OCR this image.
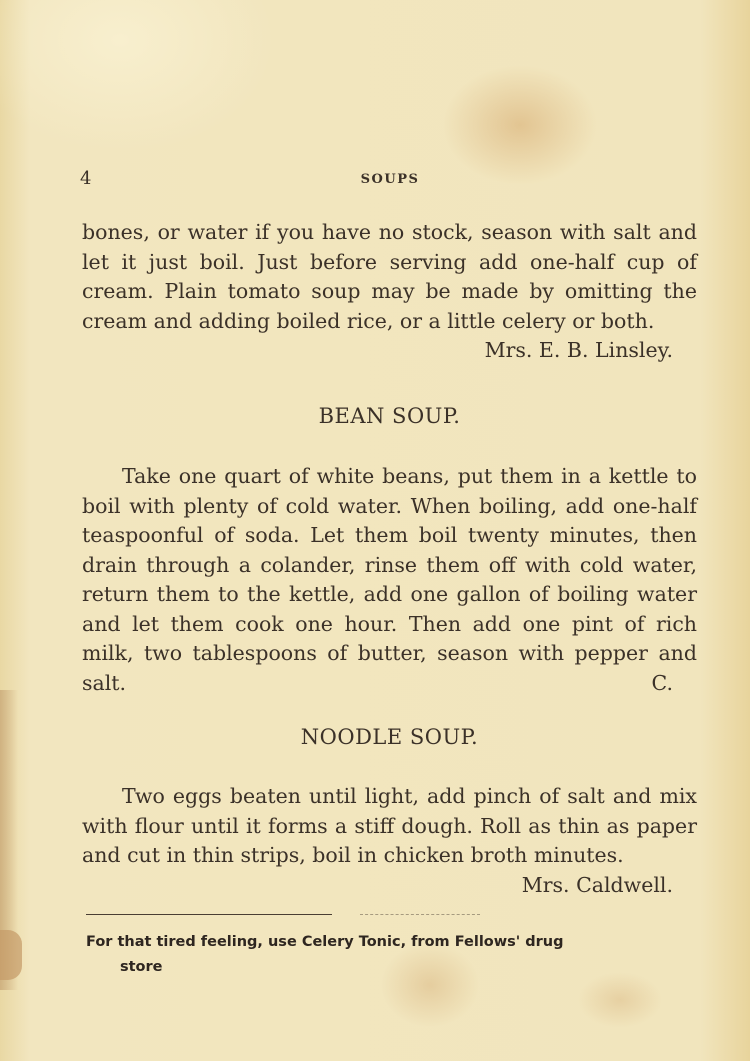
4	SOUPS
bones, or water if you have no stock, season with salt and let it just boil. Just before serving add one-half cup of cream. Plain tomato soup may be made by omitting the cream and adding boiled rice, or a little celery or both.
Mrs. E. B. Linsley.
BEAN SOUP.
Take one quart of white beans, put them in a kettle to boil with plenty of cold water. When boiling, add one-half teaspoonful of soda. Let them boil twenty minutes, then drain through a colander, rinse them off with cold water, return them to the kettle, add one gallon of boiling water and let them cook one hour. Then add one pint of rich milk, two tablespoons of butter, season with pepper and salt.	C.
NOODLE SOUP.
Two eggs beaten until light, add pinch of salt and mix with flour until it forms a stiff dough. Roll as thin as paper and cut in thin strips, boil in chicken broth minutes.
Mrs. Caldwell.
For that tired feeling, use Celery Tonic, from Fellows' drug
store
